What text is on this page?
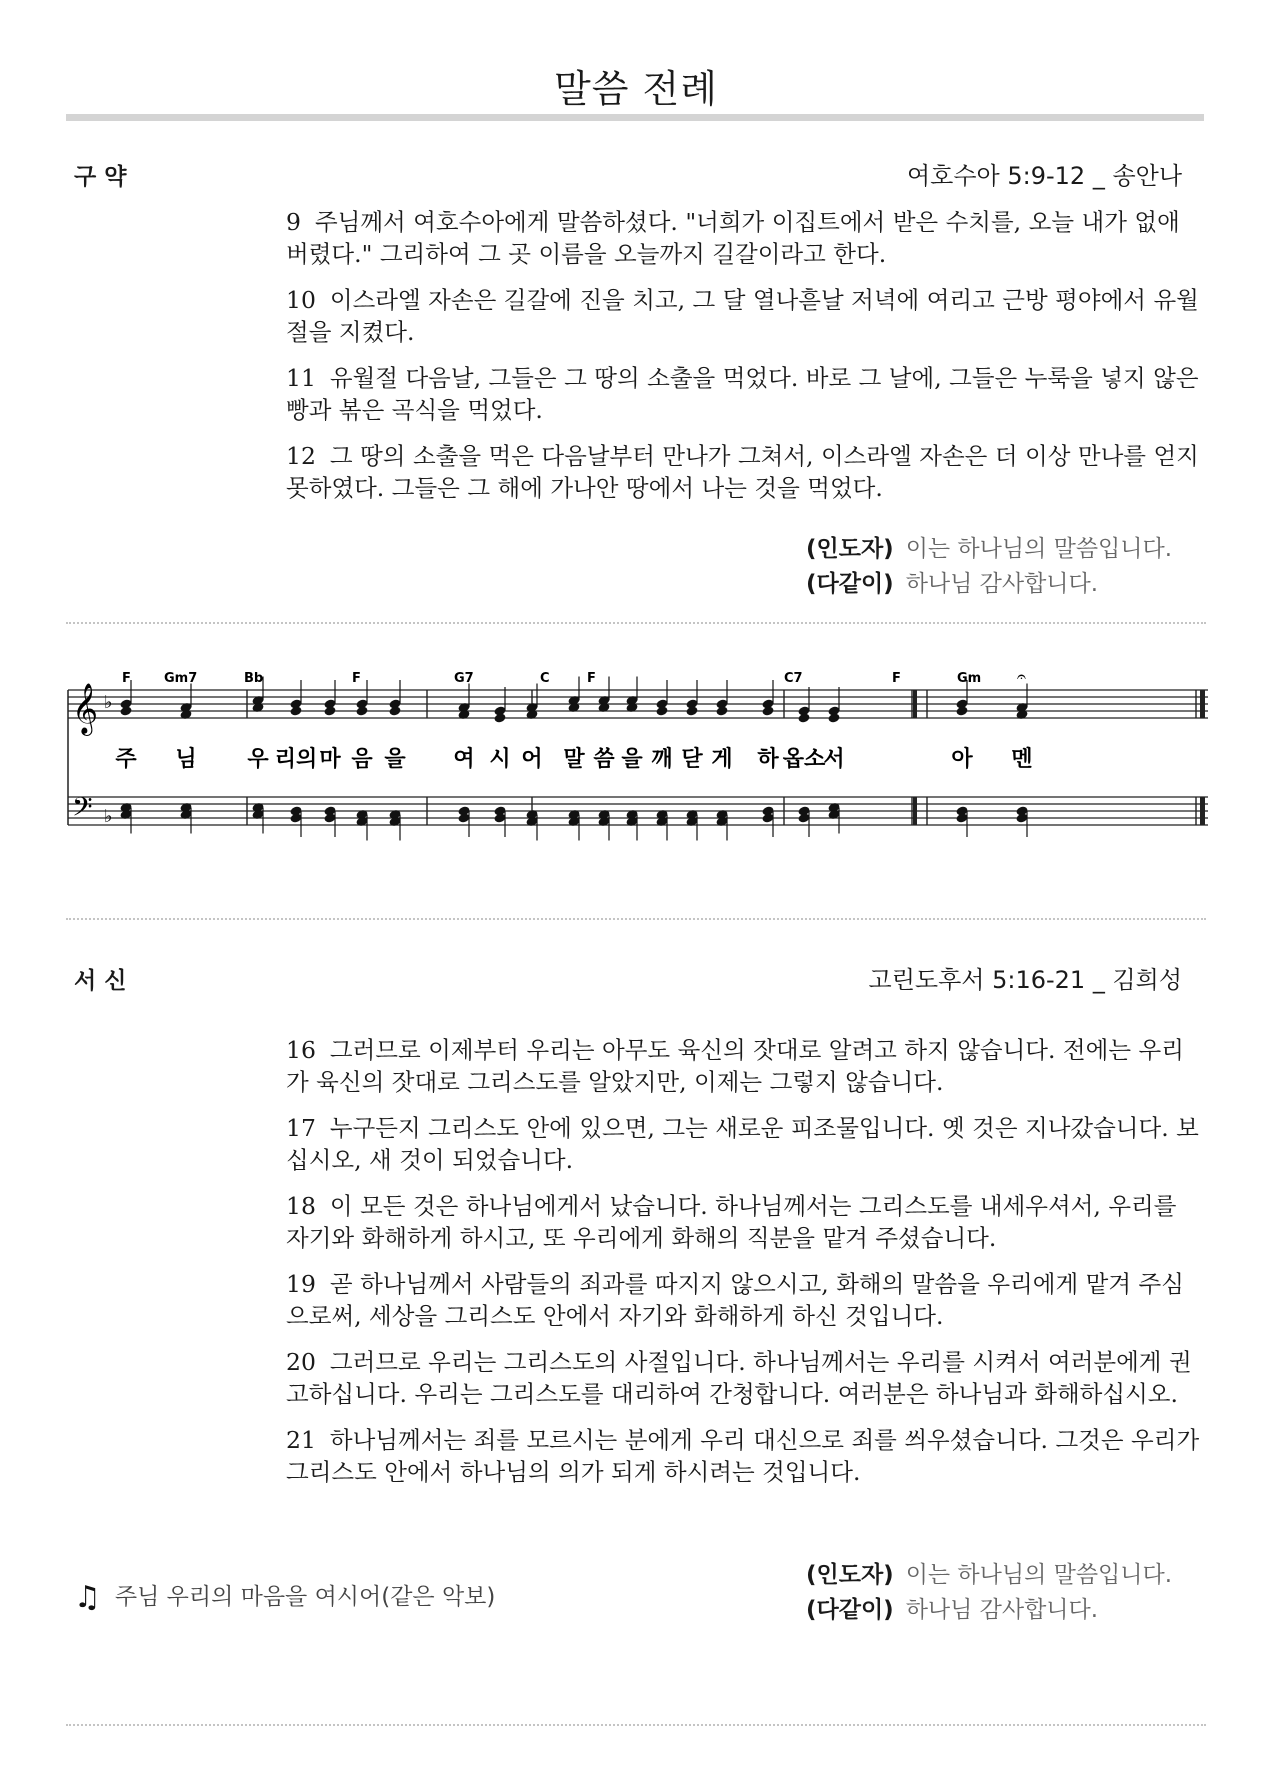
말씀 전례
구 약	여호수아 5:9-12 _ 송안나

9 주님께서 여호수아에게 말씀하셨다. "너희가 이집트에서 받은 수치를, 오늘 내가 없애 버렸다." 그리하여 그 곳 이름을 오늘까지 길갈이라고 한다.

10 이스라엘 자손은 길갈에 진을 치고, 그 달 열나흗날 저녁에 여리고 근방 평야에서 유월절을 지켰다.

11 유월절 다음날, 그들은 그 땅의 소출을 먹었다. 바로 그 날에, 그들은 누룩을 넣지 않은 빵과 볶은 곡식을 먹었다.

12 그 땅의 소출을 먹은 다음날부터 만나가 그쳐서, 이스라엘 자손은 더 이상 만나를 얻지 못하였다. 그들은 그 해에 가나안 땅에서 나는 것을 먹었다.

(인도자) 이는 하나님의 말씀입니다.
(다같이) 하나님 감사합니다.
𝄞
𝄢
♭
♭
F	Gm7	Bb	F	G7	C	F	C7	F	Gm 𝄐
주 님 우 리의 마 음 을 여 시 어 말 씀 을 깨 닫 게 하 옵소
서	아 멘
서 신	고린도후서 5:16-21 _ 김희성

16 그러므로 이제부터 우리는 아무도 육신의 잣대로 알려고 하지 않습니다. 전에는 우리가 육신의 잣대로 그리스도를 알았지만, 이제는 그렇지 않습니다.

17 누구든지 그리스도 안에 있으면, 그는 새로운 피조물입니다. 옛 것은 지나갔습니다. 보십시오, 새 것이 되었습니다.

18 이 모든 것은 하나님에게서 났습니다. 하나님께서는 그리스도를 내세우셔서, 우리를 자기와 화해하게 하시고, 또 우리에게 화해의 직분을 맡겨 주셨습니다.

19 곧 하나님께서 사람들의 죄과를 따지지 않으시고, 화해의 말씀을 우리에게 맡겨 주심으로써, 세상을 그리스도 안에서 자기와 화해하게 하신 것입니다.

20 그러므로 우리는 그리스도의 사절입니다. 하나님께서는 우리를 시켜서 여러분에게 권고하십니다. 우리는 그리스도를 대리하여 간청합니다. 여러분은 하나님과 화해하십시오.

21 하나님께서는 죄를 모르시는 분에게 우리 대신으로 죄를 씌우셨습니다. 그것은 우리가 그리스도 안에서 하나님의 의가 되게 하시려는 것입니다.

♫ 주님 우리의 마음을 여시어(같은 악보)
(인도자) 이는 하나님의 말씀입니다.
(다같이) 하나님 감사합니다.
